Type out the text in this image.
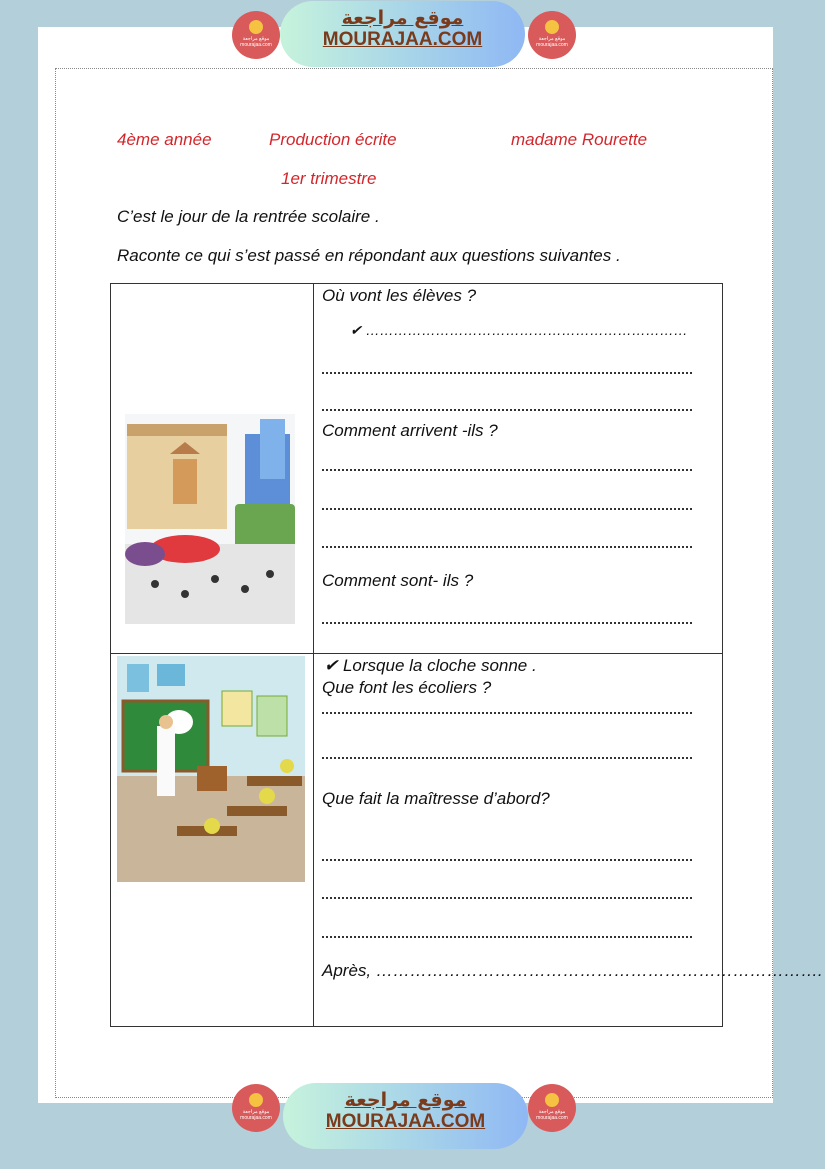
موقع مراجعة mourajaa.com
موقع مراجعة
MOURAJAA.COM	موقع مراجعة mourajaa.com
4ème année	Production écrite	madame Rourette
1er trimestre
C’est le jour de la rentrée scolaire .
Raconte ce qui s’est passé en répondant aux questions suivantes .

Où vont les élèves ?
✔ ……………………………………………………………
Comment arrivent -ils ?
Comment sont- ils ?

✔ Lorsque la cloche sonne .
Que font les écoliers ?
Que fait la maîtresse d’abord?
Après, …………………………………………………………………….
موقع مراجعة mourajaa.com
موقع مراجعة
MOURAJAA.COM	موقع مراجعة mourajaa.com
